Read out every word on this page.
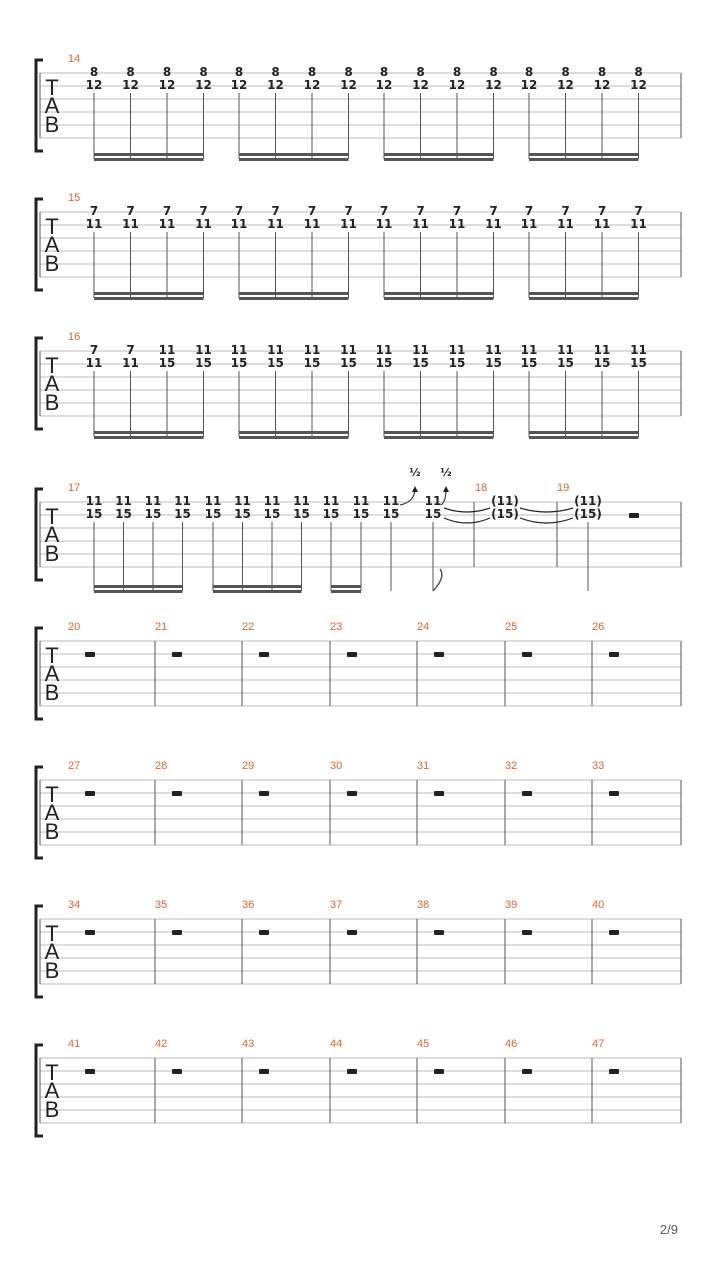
T
A
B
14
8
12
8
12
8
12
8
12
8
12
8
12
8
12
8
12
8
12
8
12
8
12
8
12
8
12
8
12
8
12
8
12
T
A
B
15
7
11
7
11
7
11
7
11
7
11
7
11
7
11
7
11
7
11
7
11
7
11
7
11
7
11
7
11
7
11
7
11
T
A
B
16
7
11
7
11
11
15
11
15
11
15
11
15
11
15
11
15
11
15
11
15
11
15
11
15
11
15
11
15
11
15
11
15
T
A
B
17
11
15
11
15
11
15
11
15
11
15
11
15
11
15
11
15
11
15
11
15
11
15
11
15
½ ½
18
(11)
(15)
19
(11)
(15)
T
A
B
20	21	22	23	24	25	26
T
A
B
27	28	29	30	31	32	33
T
A
B
34	35	36	37	38	39	40
T
A
B
41	42	43	44	45	46	47
2/9
